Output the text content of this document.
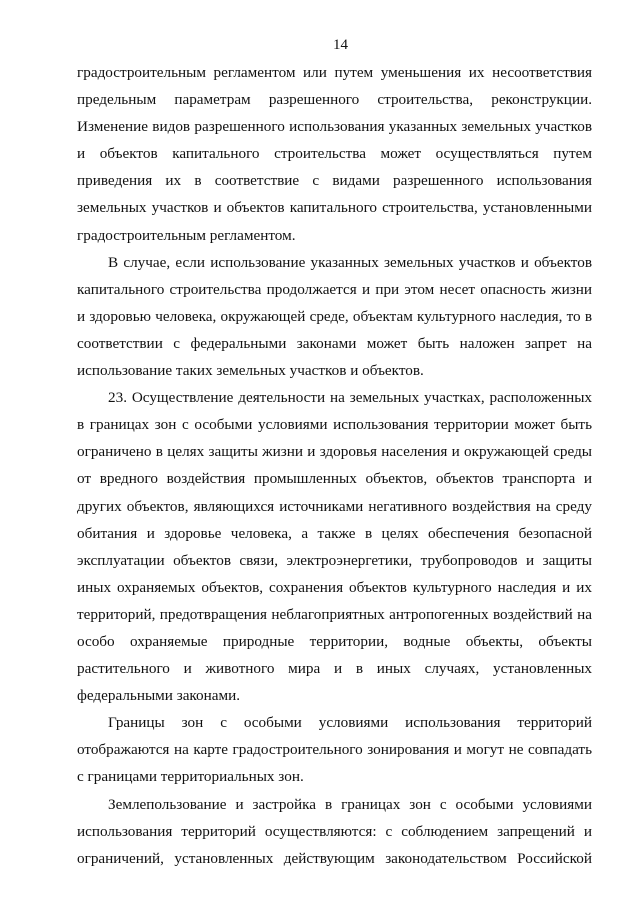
14

градостроительным регламентом или путем уменьшения их несоответствия предельным параметрам разрешенного строительства, реконструкции. Изменение видов разрешенного использования указанных земельных участков и объектов капитального строительства может осуществляться путем приведения их в соответствие с видами разрешенного использования земельных участков и объектов капитального строительства, установленными градостроительным регламентом.

В случае, если использование указанных земельных участков и объектов капитального строительства продолжается и при этом несет опасность жизни и здоровью человека, окружающей среде, объектам культурного наследия, то в соответствии с федеральными законами может быть наложен запрет на использование таких земельных участков и объектов.

23. Осуществление деятельности на земельных участках, расположенных в границах зон с особыми условиями использования территории может быть ограничено в целях защиты жизни и здоровья населения и окружающей среды от вредного воздействия промышленных объектов, объектов транспорта и других объектов, являющихся источниками негативного воздействия на среду обитания и здоровье человека, а также в целях обеспечения безопасной эксплуатации объектов связи, электроэнергетики, трубопроводов и защиты иных охраняемых объектов, сохранения объектов культурного наследия и их территорий, предотвращения неблагоприятных антропогенных воздействий на особо охраняемые природные территории, водные объекты, объекты растительного и животного мира и в иных случаях, установленных федеральными законами.

Границы зон с особыми условиями использования территорий отображаются на карте градостроительного зонирования и могут не совпадать с границами территориальных зон.

Землепользование и застройка в границах зон с особыми условиями использования территорий осуществляются: с соблюдением запрещений и ограничений, установленных действующим законодательством Российской
